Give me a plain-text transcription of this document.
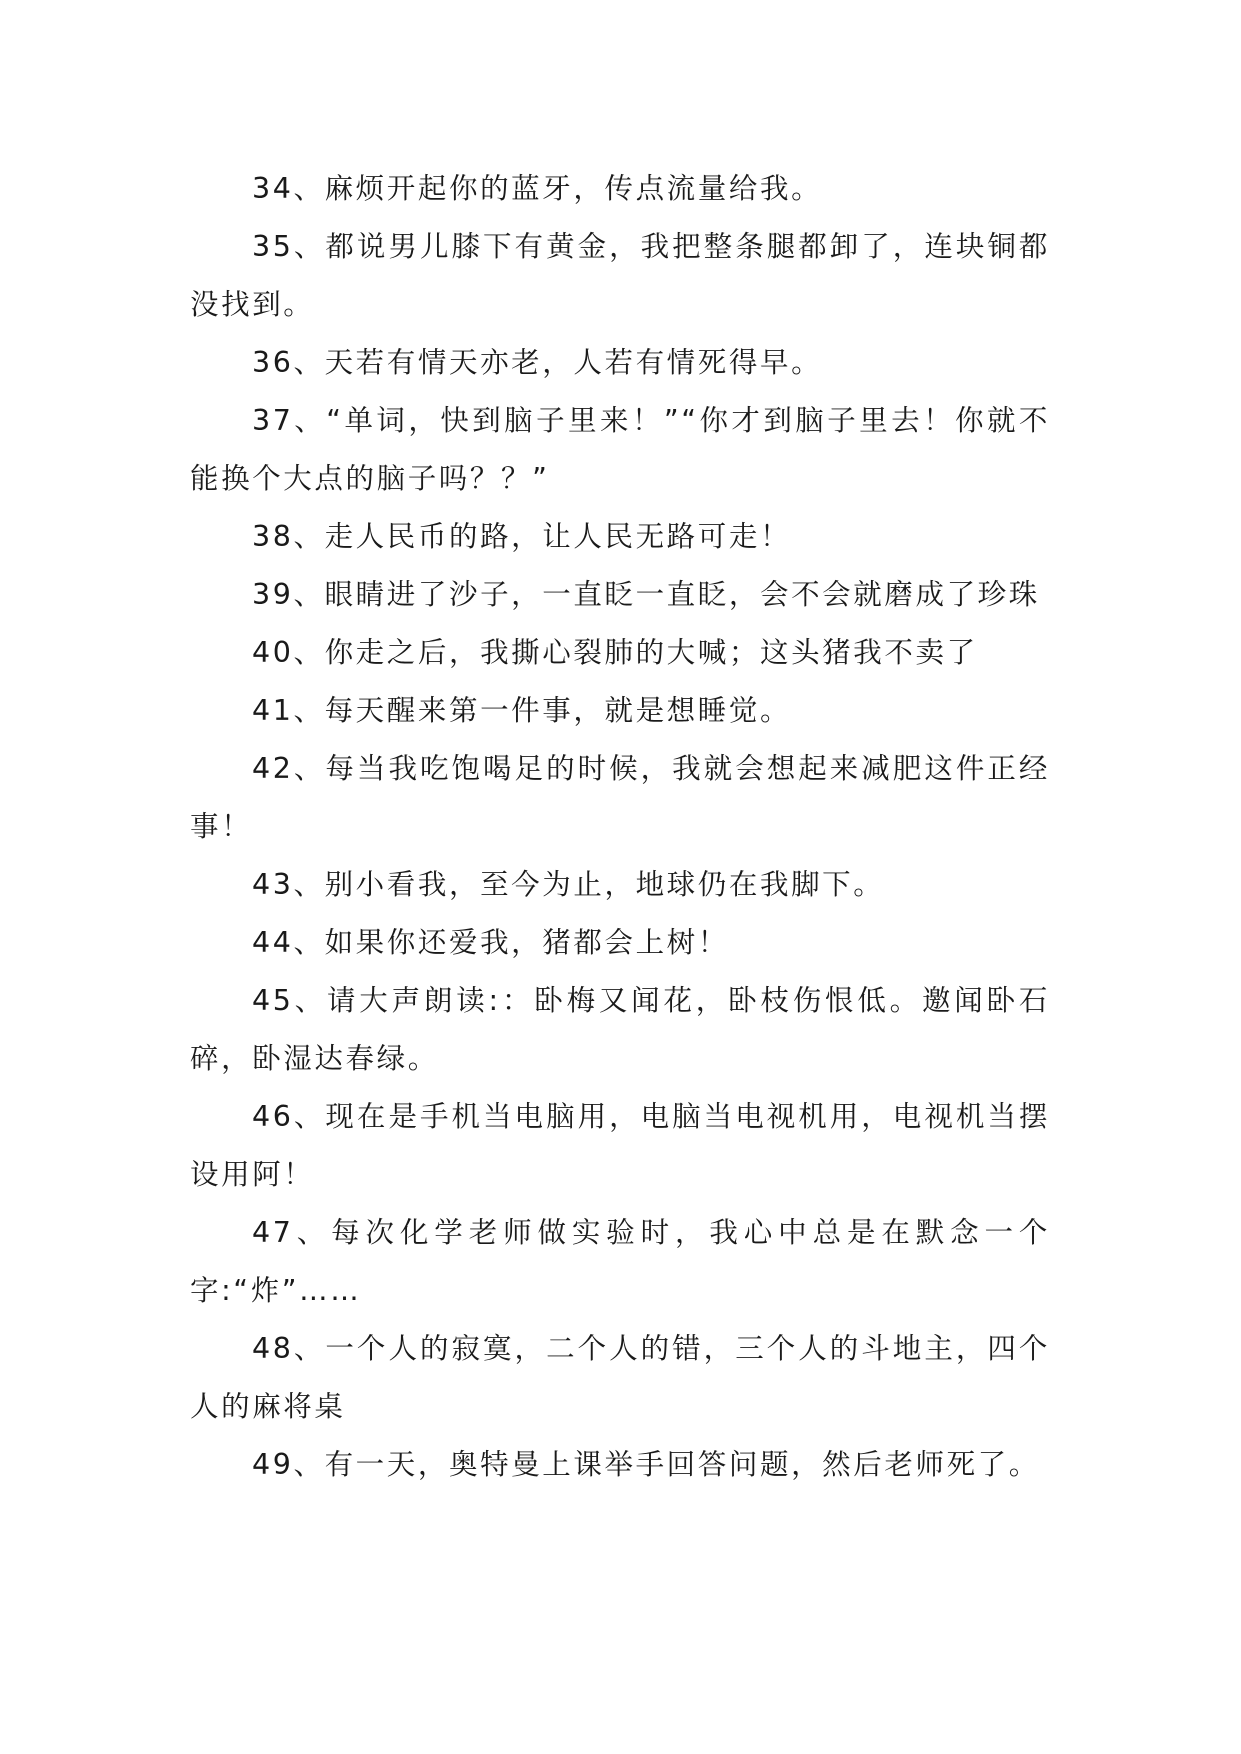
34、麻烦开起你的蓝牙，传点流量给我。

35、都说男儿膝下有黄金，我把整条腿都卸了，连块铜都没找到。

36、天若有情天亦老，人若有情死得早。

37、“单词，快到脑子里来！”“你才到脑子里去！你就不能换个大点的脑子吗？？”

38、走人民币的路，让人民无路可走！

39、眼睛进了沙子，一直眨一直眨，会不会就磨成了珍珠

40、你走之后，我撕心裂肺的大喊；这头猪我不卖了

41、每天醒来第一件事，就是想睡觉。

42、每当我吃饱喝足的时候，我就会想起来减肥这件正经事！

43、别小看我，至今为止，地球仍在我脚下。

44、如果你还爱我，猪都会上树！

45、请大声朗读:：卧梅又闻花，卧枝伤恨低。邀闻卧石碎，卧湿达春绿。

46、现在是手机当电脑用，电脑当电视机用，电视机当摆设用阿！

47、每次化学老师做实验时，我心中总是在默念一个字:“炸”……

48、一个人的寂寞，二个人的错，三个人的斗地主，四个人的麻将桌

49、有一天，奥特曼上课举手回答问题，然后老师死了。
